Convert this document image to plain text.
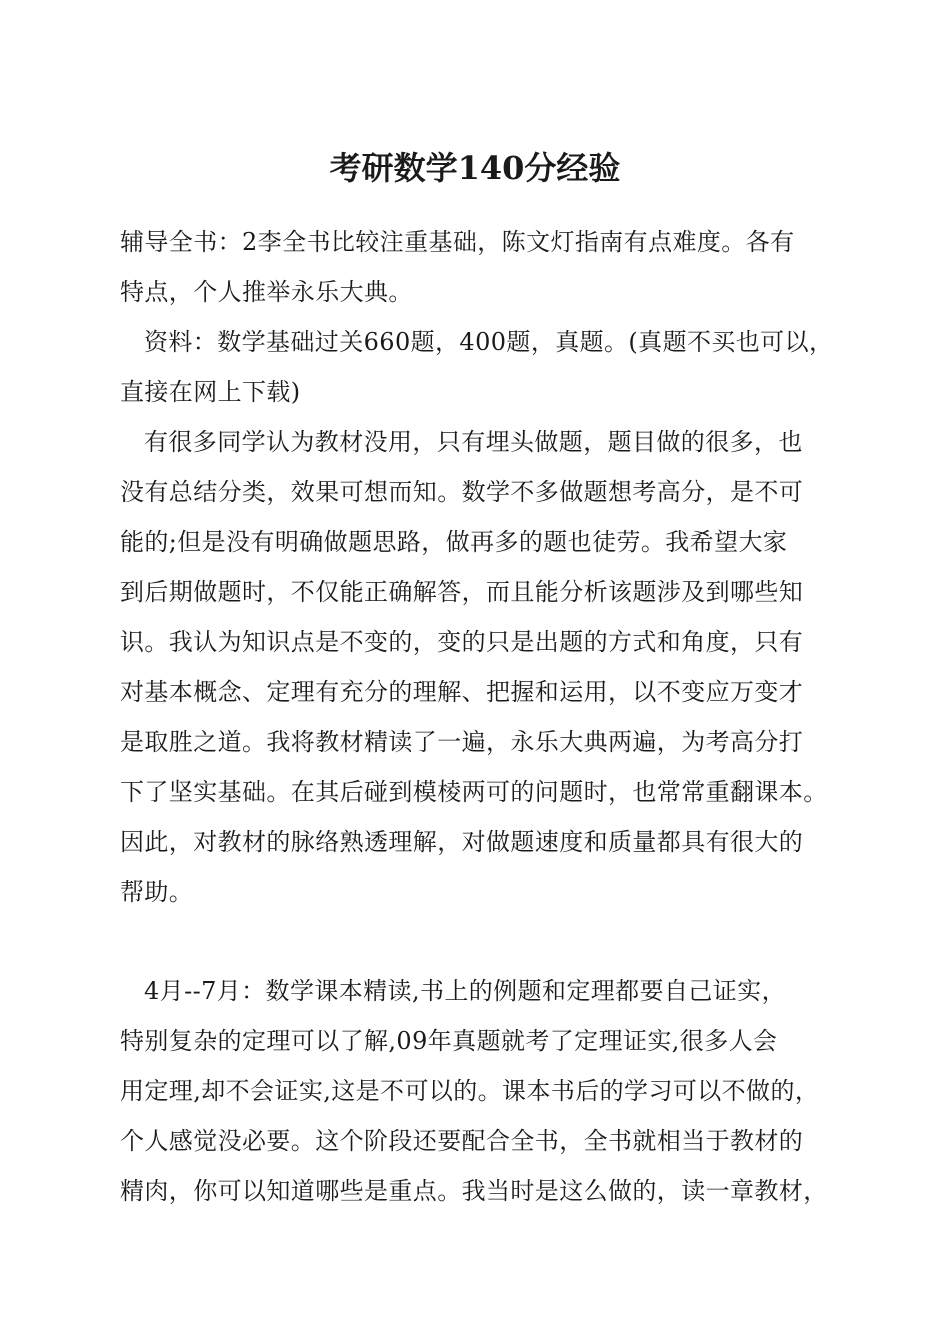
考研数学140分经验
辅导全书：2李全书比较注重基础，陈文灯指南有点难度。各有
特点，个人推举永乐大典。
资料：数学基础过关660题，400题，真题。(真题不买也可以，
直接在网上下载)
有很多同学认为教材没用，只有埋头做题，题目做的很多，也
没有总结分类，效果可想而知。数学不多做题想考高分，是不可
能的;但是没有明确做题思路，做再多的题也徒劳。我希望大家
到后期做题时，不仅能正确解答，而且能分析该题涉及到哪些知
识。我认为知识点是不变的，变的只是出题的方式和角度，只有
对基本概念、定理有充分的理解、把握和运用，以不变应万变才
是取胜之道。我将教材精读了一遍，永乐大典两遍，为考高分打
下了坚实基础。在其后碰到模棱两可的问题时，也常常重翻课本。
因此，对教材的脉络熟透理解，对做题速度和质量都具有很大的
帮助。
4月--7月：数学课本精读,书上的例题和定理都要自己证实，
特别复杂的定理可以了解,09年真题就考了定理证实,很多人会
用定理,却不会证实,这是不可以的。课本书后的学习可以不做的，
个人感觉没必要。这个阶段还要配合全书，全书就相当于教材的
精肉，你可以知道哪些是重点。我当时是这么做的，读一章教材，
